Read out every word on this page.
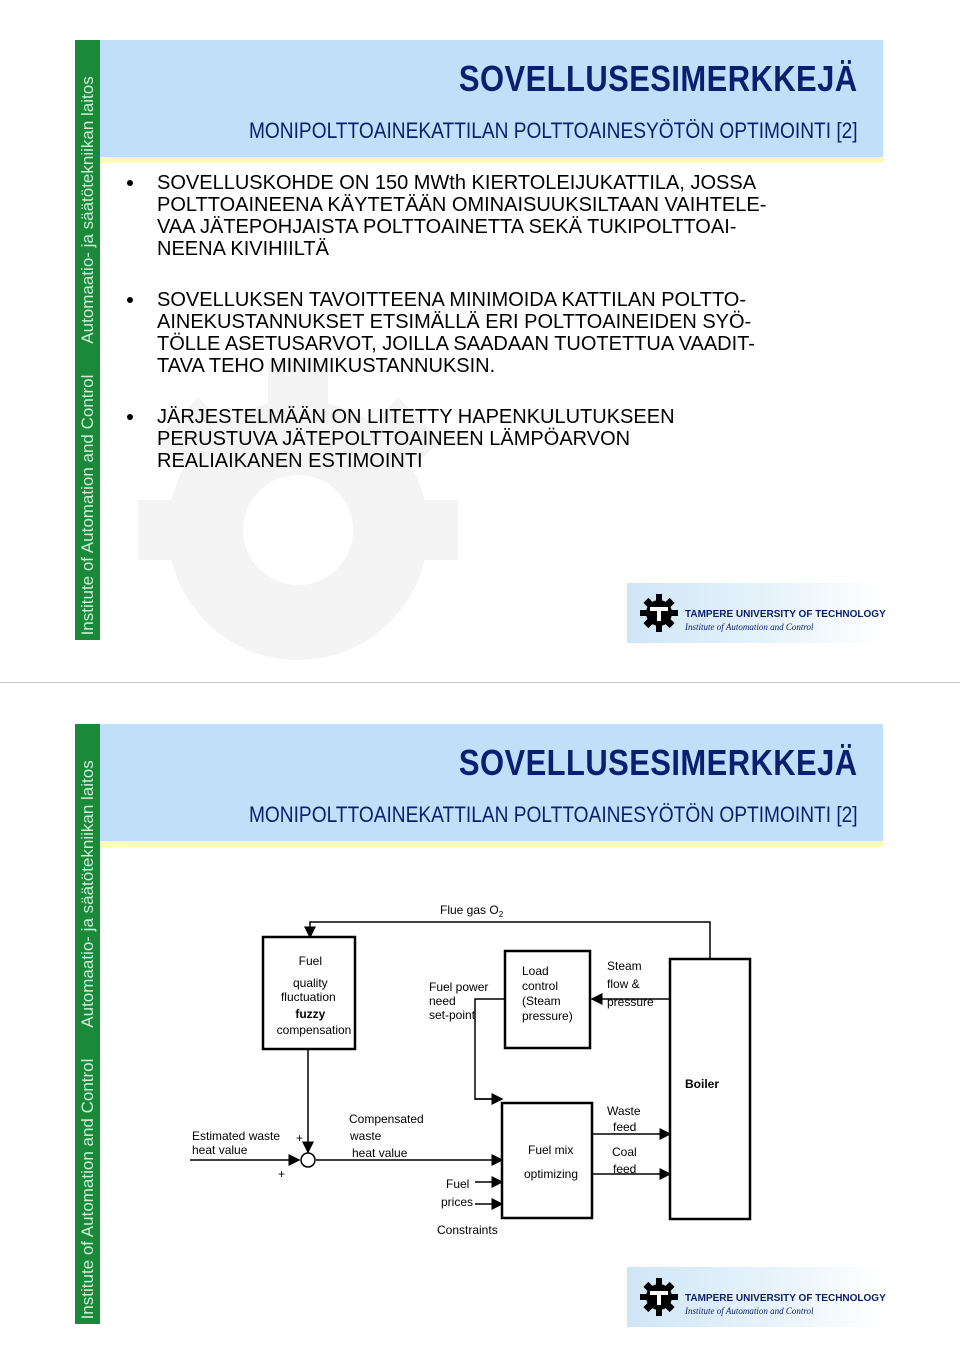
Automaatio- ja säätötekniikan laitos
Institute of Automation and Control
SOVELLUSESIMERKKEJÄ
MONIPOLTTOAINEKATTILAN POLTTOAINESYÖTÖN OPTIMOINTI [2]
SOVELLUSKOHDE ON 150 MWth KIERTOLEIJUKATTILA, JOSSA
POLTTOAINEENA KÄYTETÄÄN OMINAISUUKSILTAAN VAIHTELE-
VAA JÄTEPOHJAISTA POLTTOAINETTA SEKÄ TUKIPOLTTOAI-
NEENA KIVIHIILTÄ
SOVELLUKSEN TAVOITTEENA MINIMOIDA KATTILAN POLTTO-
AINEKUSTANNUKSET ETSIMÄLLÄ ERI POLTTOAINEIDEN SYÖ-
TÖLLE ASETUSARVOT, JOILLA SAADAAN TUOTETTUA VAADIT-
TAVA TEHO MINIMIKUSTANNUKSIN.
JÄRJESTELMÄÄN ON LIITETTY HAPENKULUTUKSEEN
PERUSTUVA JÄTEPOLTTOAINEEN LÄMPÖARVON
REALIAIKANEN ESTIMOINTI
TAMPERE UNIVERSITY OF TECHNOLOGY
Institute of Automation and Control
Automaatio- ja säätötekniikan laitos
Institute of Automation and Control
SOVELLUSESIMERKKEJÄ
MONIPOLTTOAINEKATTILAN POLTTOAINESYÖTÖN OPTIMOINTI [2]
Flue gas $O_2$
Fuel quality fluctuation fuzzy compensation
Fuel power need set-point
Load control (Steam pressure)
Steam flow & pressure
Boiler
Estimated waste heat value
+
+
Compensated waste heat value
Fuel prices
Constraints
Fuel mix optimizing
Waste feed
Coal feed
TAMPERE UNIVERSITY OF TECHNOLOGY
Institute of Automation and Control
